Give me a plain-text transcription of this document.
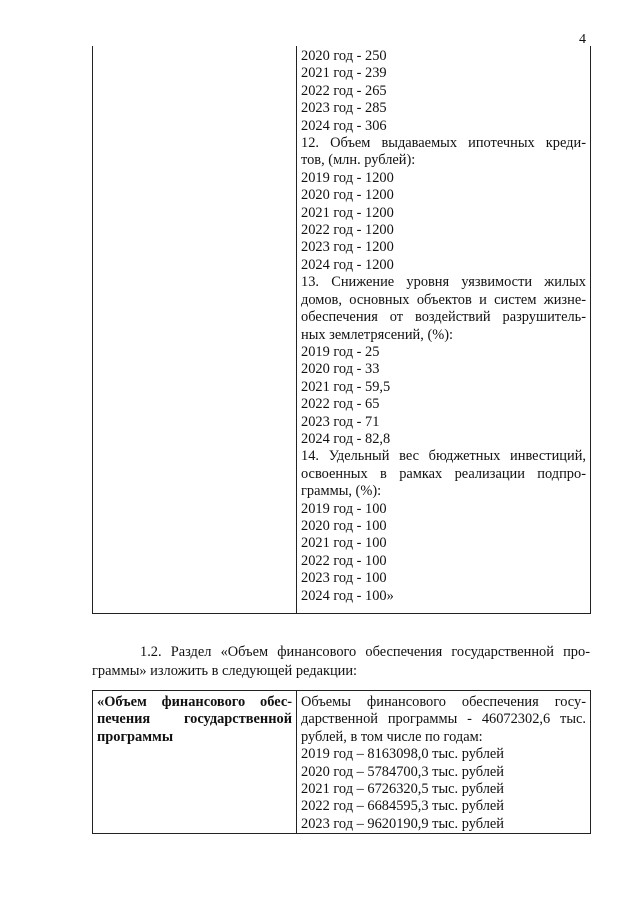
4

2020 год - 250
2021 год - 239
2022 год - 265
2023 год - 285
2024 год - 306
12. Объем выдаваемых ипотечных креди-
тов, (млн. рублей):
2019 год - 1200
2020 год - 1200
2021 год - 1200
2022 год - 1200
2023 год - 1200
2024 год - 1200
13. Снижение уровня уязвимости жилых
домов, основных объектов и систем жизне-
обеспечения от воздействий разрушитель-
ных землетрясений, (%):
2019 год - 25
2020 год - 33
2021 год - 59,5
2022 год - 65
2023 год - 71
2024 год - 82,8
14. Удельный вес бюджетных инвестиций,
освоенных в рамках реализации подпро-
граммы, (%):
2019 год - 100
2020 год - 100
2021 год - 100
2022 год - 100
2023 год - 100
2024 год - 100»
1.2. Раздел «Объем финансового обеспечения государственной про-
граммы» изложить в следующей редакции:
«Объем финансового обес-
печения государственной
программы

Объемы финансового обеспечения госу-
дарственной программы - 46072302,6 тыс.
рублей, в том числе по годам:
2019 год – 8163098,0 тыс. рублей
2020 год – 5784700,3 тыс. рублей
2021 год – 6726320,5 тыс. рублей
2022 год – 6684595,3 тыс. рублей
2023 год – 9620190,9 тыс. рублей
